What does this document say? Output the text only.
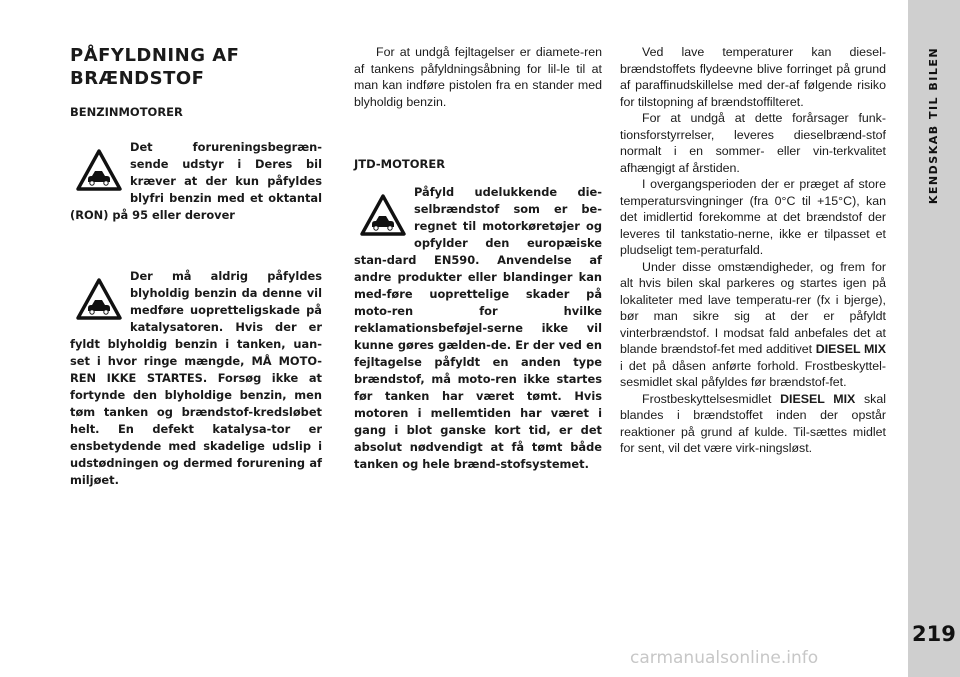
KENDSKAB TIL BILEN
219
carmanualsonline.info
PÅFYLDNING AF BRÆNDSTOF
BENZINMOTORER

Det forureningsbegræn-sende udstyr i Deres bil kræver at der kun påfyldes blyfri benzin med et oktantal (RON) på 95 eller derover

Der må aldrig påfyldes blyholdig benzin da denne vil medføre uopretteligskade på katalysatoren. Hvis der er fyldt blyholdig benzin i tanken, uan-set i hvor ringe mængde, MÅ MOTO-REN IKKE STARTES. Forsøg ikke at fortynde den blyholdige benzin, men tøm tanken og brændstof-kredsløbet helt. En defekt katalysa-tor er ensbetydende med skadelige udslip i udstødningen og dermed forurening af miljøet.

For at undgå fejltagelser er diamete-ren af tankens påfyldningsåbning for lil-le til at man kan indføre pistolen fra en stander med blyholdig benzin.

JTD-MOTORER

Påfyld udelukkende die-selbrændstof som er be-regnet til motorkøretøjer og opfylder den europæiske stan-dard EN590. Anvendelse af andre produkter eller blandinger kan med-føre uoprettelige skader på moto-ren for hvilke reklamationsbeføjel-serne ikke vil kunne gøres gælden-de. Er der ved en fejltagelse påfyldt en anden type brændstof, må moto-ren ikke startes før tanken har været tømt. Hvis motoren i mellemtiden har været i gang i blot ganske kort tid, er det absolut nødvendigt at få tømt både tanken og hele brænd-stofsystemet.

Ved lave temperaturer kan diesel-brændstoffets flydeevne blive forringet på grund af paraffinudskillelse med der-af følgende risiko for tilstopning af brændstoffilteret.

For at undgå at dette forårsager funk-tionsforstyrrelser, leveres dieselbrænd-stof normalt i en sommer- eller vin-terkvalitet afhængigt af årstiden.

I overgangsperioden der er præget af store temperatursvingninger (fra 0°C til +15°C), kan det imidlertid forekomme at det brændstof der leveres til tankstatio-nerne, ikke er tilpasset et pludseligt tem-peraturfald.

Under disse omstændigheder, og frem for alt hvis bilen skal parkeres og startes igen på lokaliteter med lave temperatu-rer (fx i bjerge), bør man sikre sig at der er påfyldt vinterbrændstof. I modsat fald anbefales det at blande brændstof-fet med additivet DIESEL MIX i det på dåsen anførte forhold. Frostbeskyttel-sesmidlet skal påfyldes før brændstof-fet.

Frostbeskyttelsesmidlet DIESEL MIX skal blandes i brændstoffet inden der opstår reaktioner på grund af kulde. Til-sættes midlet for sent, vil det være virk-ningsløst.
